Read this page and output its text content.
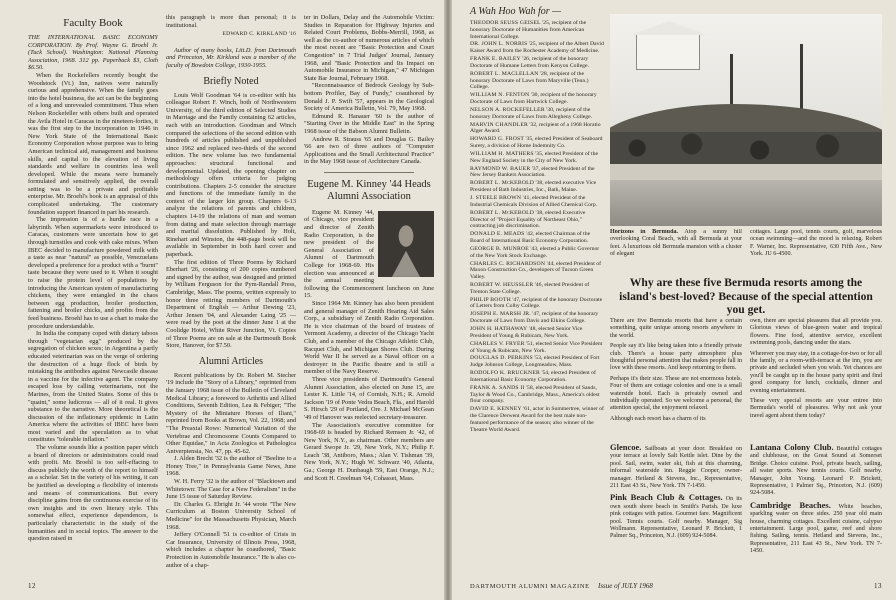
Faculty Book

THE INTERNATIONAL BASIC ECONOMY CORPORATION. By Prof. Wayne G. Broehl Jr. (Tuck School). Washington: National Planning Association, 1968. 312 pp. Paperback $3, Cloth $6.50.

When the Rockefellers recently bought the Woodstock (Vt.) Inn, natives were naturally curious and apprehensive. When the family goes into the hotel business, the act can be the beginning of a long and unrevealed commitment. Thus when Nelson Rockefeller with others built and operated the Avila Hotel in Caracas in the nineteen-forties, it was the first step to the incorporation in 1946 in New York State of the International Basic Economy Corporation whose purpose was to bring American technical aid, management and business skills, and capital to the elevation of living standards and welfare in countries less well developed. While the means were humanely formulated and sensitively applied, the overall setting was to be a private and profitable enterprise. Mr. Broehl's book is an appraisal of this complicated undertaking. The customary foundation support financed in part his research.

The impression is of a hurdle race in a labyrinth. When supermarkets were introduced to Caracas, customers were uncertain how to get through turnstiles and cook with cake mixes. When IBEC decided to manufacture powdered milk with a taste as near "natural" as possible, Venezuelans developed a preference for a product with a "burnt" taste because they were used to it. When it sought to raise the protein level of populations by introducing the American system of manufacturing chickens, they were entangled in the chaos between egg production, broiler production, fattening and broiler chicks, and profits from the feed business. Broehl has to use a chart to make the procedure understandable.

In India the company coped with dietary taboos through "vegetarian egg" produced by the segregation of chicken sexes; in Argentina a partly educated veterinarian was on the verge of ordering the destruction of a huge flock of birds by mistaking the antibodies against Newcastle disease in a vaccine for the infective agent. The company escaped loss by calling veterinarians, not the Marines, from the United States. Some of this is "quaint," some ludicrous — all of it real. It gives substance to the narrative. More theoretical is the discussion of the inflationary epidemic in Latin America where the activities of IBEC have been most varied and the speculation as to what constitutes "tolerable inflation."

The volume sounds like a position paper which a board of directors or administrators could read with profit. Mr. Broehl is too self-effacing to discuss publicly the worth of the report to himself as a scholar. Set in the variety of his writing, it can be justified as developing a flexibility of interests and means of communications. But every discipline gains from the continuous exercise of its own insights and its own literary style. This somewhat effect, experience dependences, is particularly characteristic in the study of the humanities and in social topics. The answer to the question raised in

this paragraph is more than personal; it is institutional.

EDWARD C. KIRKLAND '16

Author of many books, Litt.D. from Dartmouth and Princeton, Mr. Kirkland was a member of the faculty of Bowdoin College, 1930-1955.

Briefly Noted

Louis Wolf Goodman '64 is co-editor with his colleague Robert F. Winch, both of Northwestern University, of the third edition of Selected Studies in Marriage and the Family containing 62 articles, each with an introduction. Goodman and Winch compared the selections of the second edition with hundreds of articles published and unpublished since 1962 and replaced two-thirds of the second edition. The new volume has two fundamental approaches: structural functional and developmental. Updated, the opening chapter on methodology offers criteria for judging contributions. Chapters 2-5 consider the structure and functions of the immediate family in the context of the larger kin group. Chapters 6-13 analyze the relations of parents and children, chapters 14-19 the relations of man and woman from dating and mate selection through marriage and marital dissolution. Published by Holt, Rinehart and Winston, the 448-page book will be available in September in both hard cover and paperback.

The first edition of Three Poems by Richard Eberhart '26, consisting of 200 copies numbered and signed by the author, was designed and printed by William Ferguson for the Pym-Randall Press, Cambridge, Mass. The poems, written expressly to honor three retiring members of Dartmouth's Department of English — Arthur Dewing '23, Arthur Jensen '04, and Alexander Laing '25 — were read by the poet at the dinner June 1 at the Coolidge Hotel, White River Junction, Vt. Copies of Three Poems are on sale at the Dartmouth Book Store, Hanover, for $7.50.

Alumni Articles

Recent publications by Dr. Robert M. Stecher '19 include the "Story of a Library," reprinted from the January 1968 issue of the Bulletin of Cleveland Medical Library; a foreword to Arthritis and Allied Conditions, Seventh Edition, Lea & Febiger; "The Mystery of the Miniature Horses of Iliani," reprinted from Books at Brown, Vol. 22, 1968; and "The Preaxial Rows: Numerical Variation of the Vertebrae and Chromosome Counts Compared to Other Equidae," in Acta Zoologica et Pathologica Antverpiensia, No. 47, pp. 45-62.

J. Alden Brecht '32 is the author of "Beeline to a Honey Tree," in Pennsylvania Game News, June 1968.

W. H. Ferry '32 is the author of "Blacktown and Whitetown: The Case for a New Federalism" in the June 15 issue of Saturday Review.

Dr. Charles G. Ebright Jr. '44 wrote "The New Curriculum at Boston University School of Medicine" for the Massachusetts Physician, March 1968.

Jeffery O'Connell '51 is co-editor of Crisis in Car Insurance, University of Illinois Press, 1968, which includes a chapter he coauthored, "Basic Protection in Automobile Insurance." He is also co-author of a chap-

ter in Dollars, Delay and the Automobile Victim: Studies in Reparation for Highway Injuries and Related Court Problems, Bobbs-Merrill, 1968, as well as the co-author of numerous articles of which the most recent are "Basic Protection and Court Congestion" in 7 Trial Judges' Journal, January 1968, and "Basic Protection and Its Impact on Automobile Insurance in Michigan," 47 Michigan State Bar Journal, February 1968.

"Reconnaissance of Bedrock Geology by Sub-bottom Profiler, Bay of Fundy," coauthored by Donald J. P. Swift '57, appears in the Geological Society of America Bulletin, Vol. 79, May 1968.

Edmund R. Hanauer '60 is the author of "Starting Over in the Middle East" in the Spring 1968 issue of the Babson Alumni Bulletin.

Andrew R. Strauss '65 and Douglas G. Bailey '66 are two of three authors of "Computer Applications and the Small Architectural Practice" in the May 1968 issue of Architecture Canada.

Eugene M. Kinney '44 Heads Alumni Association

Eugene M. Kinney '44, of Chicago, vice president and director of Zenith Radio Corporation, is the new president of the General Association of Alumni of Dartmouth College for 1968-69. His election was announced at the annual meeting following the Commencement luncheon on June 15.

Since 1964 Mr. Kinney has also been president and general manager of Zenith Hearing Aid Sales Corp., a subsidiary of Zenith Radio Corporation. He is vice chairman of the board of trustees of Vermont Academy, a director of the Chicago Yacht Club, and a member of the Chicago Athletic Club, Racquet Club, and Michigan Shores Club. During World War II he served as a Naval officer on a destroyer in the Pacific theatre and is still a member of the Navy Reserve.

Three vice presidents of Dartmouth's General Alumni Association, also elected on June 15, are Lester K. Little '14, of Cornish, N.H.; R. Arnold Jackson '19 of Ponte Vedra Beach, Fla., and Harold S. Hirsch '29 of Portland, Ore. J. Michael McGean '49 of Hanover was reelected secretary-treasurer.

The Association's executive committee for 1968-69 is headed by Richard Remsen Jr. '42, of New York, N.Y., as chairman. Other members are Gerard Swope Jr. '29, New York, N.Y.; Philip F. Leach '38, Antiboro, Mass.; Alan V. Tishman '39, New York, N.Y.; Hugh W. Schwarz '40, Atlanta, Ga.; George H. Dunbaugh '59, East Orange, N.J.; and Scott H. Creelman '64, Cohasset, Mass.

12
A Wah Hoo Wah for —

THEODOR SEUSS GEISEL '25, recipient of the honorary Doctorate of Humanities from American International College.

DR. JOHN L. NORRIS '25, recipient of the Albert David Kaiser Award from the Rochester Academy of Medicine.

FRANK E. BAILEY '26, recipient of the honorary Doctorate of Humane Letters from Kenyon College.

ROBERT L. MACLELLAN '28, recipient of the honorary Doctorate of Laws from Maryville (Tenn.) College.

WILLIAM N. FENTON '30, recipient of the honorary Doctorate of Laws from Hartwick College.

NELSON A. ROCKEFELLER '30, recipient of the honorary Doctorate of Laws from Allegheny College.

MARVIN CHANDLER '32, recipient of a 1968 Horatio Alger Award.

HOWARD G. FROST '35, elected President of Seaboard Surety, a division of Home Indemnity Co.

WILLIAM H. MATHERS '35, elected President of the New England Society in the City of New York.

RAYMOND W. BAUER '37, elected President of the New Jersey Bankers Association.

ROBERT L. McKEBOLD '38, elected executive Vice President of Bath Industries, Inc., Bath, Maine.

J. STEELE BROWN '41, elected President of the Industrial Chemicals Division of Allied Chemical Corp.

ROBERT L. McKEBOLD '38, elected Executive Director of "Project Equality of Northeast Ohio," contracting job discrimination.

DONALD E. MEADS '42, elected Chairman of the Board of International Basic Economy Corporation.

GEORGE B. MUNROE '43, elected a Public Governor of the New York Stock Exchange.

CHARLES C. RICHARDSON '44, elected President of Maxon Construction Co., developers of Tucson Green Valley.

ROBERT W. HEUSSLER '46, elected President of Trenton State College.

PHILIP BOOTH '47, recipient of the honorary Doctorate of Letters from Colby College.

JOSEPH E. MARSH JR. '47, recipient of the honorary Doctorate of Laws from Davis and Elkins College.

JOHN H. HATHAWAY '48, elected Senior Vice President of Young & Rubicam, New York.

CHARLES V. FRYER '51, elected Senior Vice President of Young & Rubicam, New York.

DOUGLAS D. PERKINS '53, elected President of Fort Judge Johnson College, Longmeadow, Mass.

RODOLFO K. BRUCKNER '54, elected President of International Basic Economy Corporation.

FRANK A. SANDS II '58, elected President of Sands, Taylor & Wood Co., Cambridge, Mass., America's oldest flour company.

DAVID E. KENNEY '61, actor in Summertree, winner of the Clarence Derwent Award for the best male non-featured performance of the season; also winner of the Theatre World Award.

Horizons in Bermuda. Atop a sunny hill overlooking Coral Beach, with all Bermuda at your feet. A luxurious old Bermuda mansion with a cluster of elegant
cottages. Large pool, tennis courts, golf, marvelous ocean swimming—and the mood is relaxing. Robert F. Warner, Inc. Representative, 630 Fifth Ave., New York. JU 6-4500.
Why are these five Bermuda resorts among the island's best-loved? Because of the special attention you get.

There are five Bermuda resorts that have a certain something, quite unique among resorts anywhere in the world.

People say it's like being taken into a friendly private club. There's a house party atmosphere plus thoughtful personal attention that makes people fall in love with these resorts. And keep returning to them.

Perhaps it's their size. These are not enormous hotels. Four of them are cottage colonies and one is a small waterside hotel. Each is privately owned and individually operated. So we welcome a personal, the attention special, the enjoyment relaxed.

Although each resort has a charm of its

own, there are special pleasures that all provide you. Glorious views of blue-green water and tropical flowers. Fine food, attentive service, excellent swimming pools, dancing under the stars.

Wherever you may stay, in a cottage-for-two or for all the family, or a room-with-terrace at the inn, you are private and secluded when you wish. Yet chances are you'll be caught up in the house party spirit and find good company for lunch, cocktails, dinner and evening entertainment.

These very special resorts are your entree into Bermuda's world of pleasures. Why not ask your travel agent about them today?

Glencoe. Sailboats at your door. Breakfast on your terrace at lovely Salt Kettle islet. Dine by the pool. Sail, swim, water ski, fish at this charming, informal waterside inn. Reggie Cooper, owner-manager. Hetland & Stevens, Inc., Representative, 211 East 43 St., New York. TN 7-1450.

Pink Beach Club & Cottages. On its own south shore beach in Smith's Parish. De luxe pink cottages with patios. Gourmet fare. Magnificent pool. Tennis courts. Golf nearby. Manager, Sig Wollmann. Representative, Leonard P. Brickett, 1 Palmer Sq., Princeton, N.J. (609) 924-5084.

Lantana Colony Club. Beautiful cottages and clubhouse, on the Great Sound at Somerset Bridge. Choice cuisine. Pool, private beach, sailing, all water sports. New tennis courts. Golf nearby. Manager, John Young. Leonard P. Brickett, Representative, 1 Palmer Sq., Princeton, N.J. (609) 924-5084.

Cambridge Beaches. White beaches, sparkling water on three sides. 250 year old main house, charming cottages. Excellent cuisine, calypso entertainment. Large pool, game, reef and shore fishing. Sailing, tennis. Hetland and Stevens, Inc., Representative, 211 East 43 St., New York. TN 7-1450.

DARTMOUTH ALUMNI MAGAZINE Issue of JULY 1968	13
